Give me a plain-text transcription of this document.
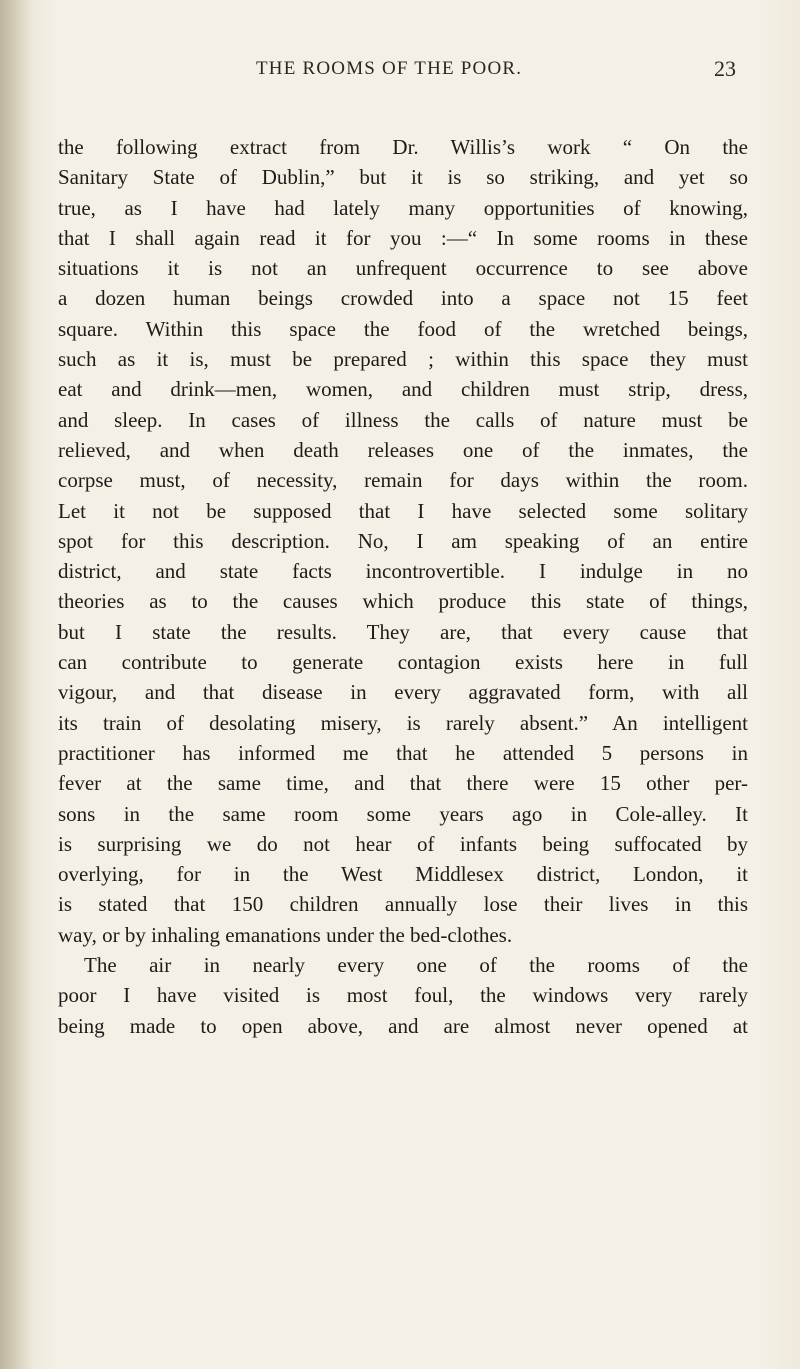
THE ROOMS OF THE POOR.	23
the following extract from Dr. Willis’s work “ On the
Sanitary State of Dublin,” but it is so striking, and yet so
true, as I have had lately many opportunities of knowing,
that I shall again read it for you :—“ In some rooms in these
situations it is not an unfrequent occurrence to see above
a dozen human beings crowded into a space not 15 feet
square. Within this space the food of the wretched beings,
such as it is, must be prepared ; within this space they must
eat and drink—men, women, and children must strip, dress,
and sleep. In cases of illness the calls of nature must be
relieved, and when death releases one of the inmates, the
corpse must, of necessity, remain for days within the room.
Let it not be supposed that I have selected some solitary
spot for this description. No, I am speaking of an entire
district, and state facts incontrovertible. I indulge in no
theories as to the causes which produce this state of things,
but I state the results. They are, that every cause that
can contribute to generate contagion exists here in full
vigour, and that disease in every aggravated form, with all
its train of desolating misery, is rarely absent.” An intelligent
practitioner has informed me that he attended 5 persons in
fever at the same time, and that there were 15 other per-
sons in the same room some years ago in Cole-alley. It
is surprising we do not hear of infants being suffocated by
overlying, for in the West Middlesex district, London, it
is stated that 150 children annually lose their lives in this
way, or by inhaling emanations under the bed-clothes.
The air in nearly every one of the rooms of the
poor I have visited is most foul, the windows very rarely
being made to open above, and are almost never opened at
